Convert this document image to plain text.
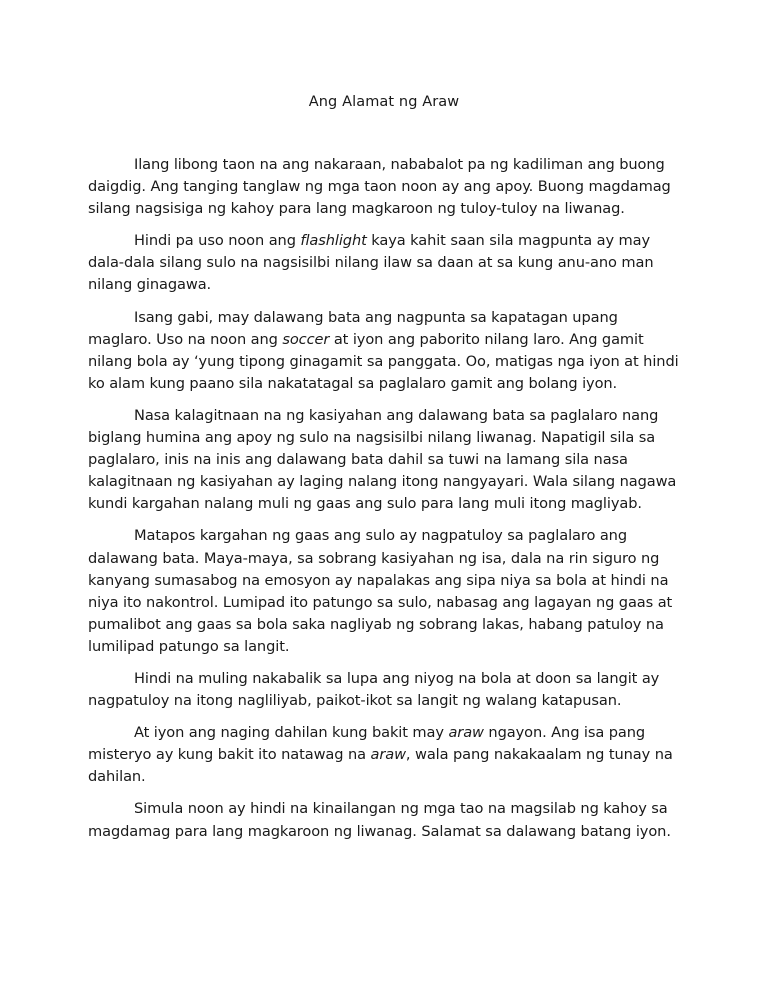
Ang Alamat ng Araw

Ilang libong taon na ang nakaraan, nababalot pa ng kadiliman ang buong daigdig. Ang tanging tanglaw ng mga taon noon ay ang apoy. Buong magdamag silang nagsisiga ng kahoy para lang magkaroon ng tuloy-tuloy na liwanag.

Hindi pa uso noon ang flashlight kaya kahit saan sila magpunta ay may dala-dala silang sulo na nagsisilbi nilang ilaw sa daan at sa kung anu-ano man nilang ginagawa.

Isang gabi, may dalawang bata ang nagpunta sa kapatagan upang maglaro. Uso na noon ang soccer at iyon ang paborito nilang laro. Ang gamit nilang bola ay ‘yung tipong ginagamit sa panggata. Oo, matigas nga iyon at hindi ko alam kung paano sila nakatatagal sa paglalaro gamit ang bolang iyon.

Nasa kalagitnaan na ng kasiyahan ang dalawang bata sa paglalaro nang biglang humina ang apoy ng sulo na nagsisilbi nilang liwanag. Napatigil sila sa paglalaro, inis na inis ang dalawang bata dahil sa tuwi na lamang sila nasa kalagitnaan ng kasiyahan ay laging nalang itong nangyayari. Wala silang nagawa kundi kargahan nalang muli ng gaas ang sulo para lang muli itong magliyab.

Matapos kargahan ng gaas ang sulo ay nagpatuloy sa paglalaro ang dalawang bata. Maya-maya, sa sobrang kasiyahan ng isa, dala na rin siguro ng kanyang sumasabog na emosyon ay napalakas ang sipa niya sa bola at hindi na niya ito nakontrol. Lumipad ito patungo sa sulo, nabasag ang lagayan ng gaas at pumalibot ang gaas sa bola saka nagliyab ng sobrang lakas, habang patuloy na lumilipad patungo sa langit.

Hindi na muling nakabalik sa lupa ang niyog na bola at doon sa langit ay nagpatuloy na itong nagliliyab, paikot-ikot sa langit ng walang katapusan.

At iyon ang naging dahilan kung bakit may araw ngayon. Ang isa pang misteryo ay kung bakit ito natawag na araw, wala pang nakakaalam ng tunay na dahilan.

Simula noon ay hindi na kinailangan ng mga tao na magsilab ng kahoy sa magdamag para lang magkaroon ng liwanag. Salamat sa dalawang batang iyon.
